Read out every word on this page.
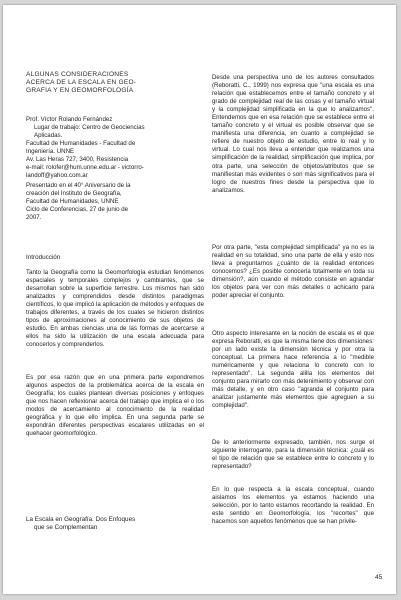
ALGUNAS CONSIDERACIONES
ACERCA DE LA ESCALA EN GEO-
GRAFIA Y EN GEOMORFOLOGÍA
Prof. Víctor Rolando Fernández
Lugar de trabajo: Centro de Geociencias
Aplicadas.
Facultad de Humanidades - Facultad de
Ingeniería. UNNE
Av. Las Heras 727, 3400, Resistencia
e-mail: rolofer@hum.unne.edu.ar - victorro-
landoff@yahoo.com.ar
Presentado en el 40° Aniversario de la
creación del Instituto de Geografía,
Facultad de Humanidades, UNNE
Ciclo de Conferencias, 27 de junio de
2007.
Introducción

Tanto la Geografía como la Geomorfología estudian fenómenos espaciales y temporales complejos y cambiantes, que se desarrollan sobre la superficie terrestre. Los mismos han sido analizados y comprendidos desde distintos paradigmas científicos, lo que implicó la aplicación de métodos y enfoques de trabajos diferentes, a través de los cuales se hicieron distintos tipos de aproximaciones al conocimiento de sus objetos de estudio. En ambas ciencias una de las formas de acercarse a ellos ha sido la utilización de una escala adecuada para conocerlos y comprenderlos.

Es por esa razón que en una primera parte expondremos algunos aspectos de la problemática acerca de la escala en Geografía; los cuales plantean diversas posiciones y enfoques que nos hacen reflexionar acerca del trabajo que implica el o los modos de acercamiento al conocimiento de la realidad geográfica y lo que ello implica. En una segunda parte se expondrán diferentes perspectivas escalares utilizadas en el quehacer geomorfológico.

La Escala en Geografía. Dos Enfoques
que se Complementan

Desde una perspectiva uno de los autores consultados (Reboratti, C., 1999) nos expresa que "una escala es una relación que establecemos entre el tamaño concreto y el grado de complejidad real de las cosas y el tamaño virtual y la complejidad simplificada en la que lo analizamos". Entendemos que en esa relación que se establece entre el tamaño concreto y el virtual es posible observar que se manifiesta una diferencia, en cuanto a complejidad se refiere de nuestro objeto de estudio, entre lo real y lo virtual. Lo cual nos lleva a entender que realizamos una simplificación de la realidad, simplificación que implica, por otra parte, una selección de objetos/atributos que se manifiestan más evidentes o son más significativos para el logro de nuestros fines desde la perspectiva que lo analizamos.

Por otra parte, "esta complejidad simplificada" ya no es la realidad en su totalidad, sino una parte de ella y esto nos lleva a preguntarnos ¿cuánto de la realidad entonces conocemos? ¿Es posible conocerla totalmente en toda su dimensión?, aún cuando el método consiste en agrandar los objetos para ver con más detalles o achicarlo para poder apreciar el conjunto.

Otro aspecto interesante en la noción de escala es el que expresa Reboratti, es que la misma tiene dos dimensiones: por un lado existe la dimensión técnica y por otra la conceptual. La primera hace referencia a lo "medible numéricamente y que relaciona lo concreto con lo representado". La segunda alilla los elementos del conjunto para mirarlo con más detenimiento y observar con más detalle, y en otro caso "agranda el conjunto para analizar justamente más elementos que agreguen a su complejidad".

De lo anteriormente expresado, también, nos surge el siguiente interrogante, para la dimensión técnica: ¿cuál es el tipo de relación que se establece entre lo concreto y lo representado?

En lo que respecta a la escala conceptual, cuando aislamos los elementos ya estamos haciendo una selección, por lo tanto estamos recortando la realidad. En este sentido en Geomorfología, los "recortes" que hacemos son aquellos fenómenos que se han privile-

45
